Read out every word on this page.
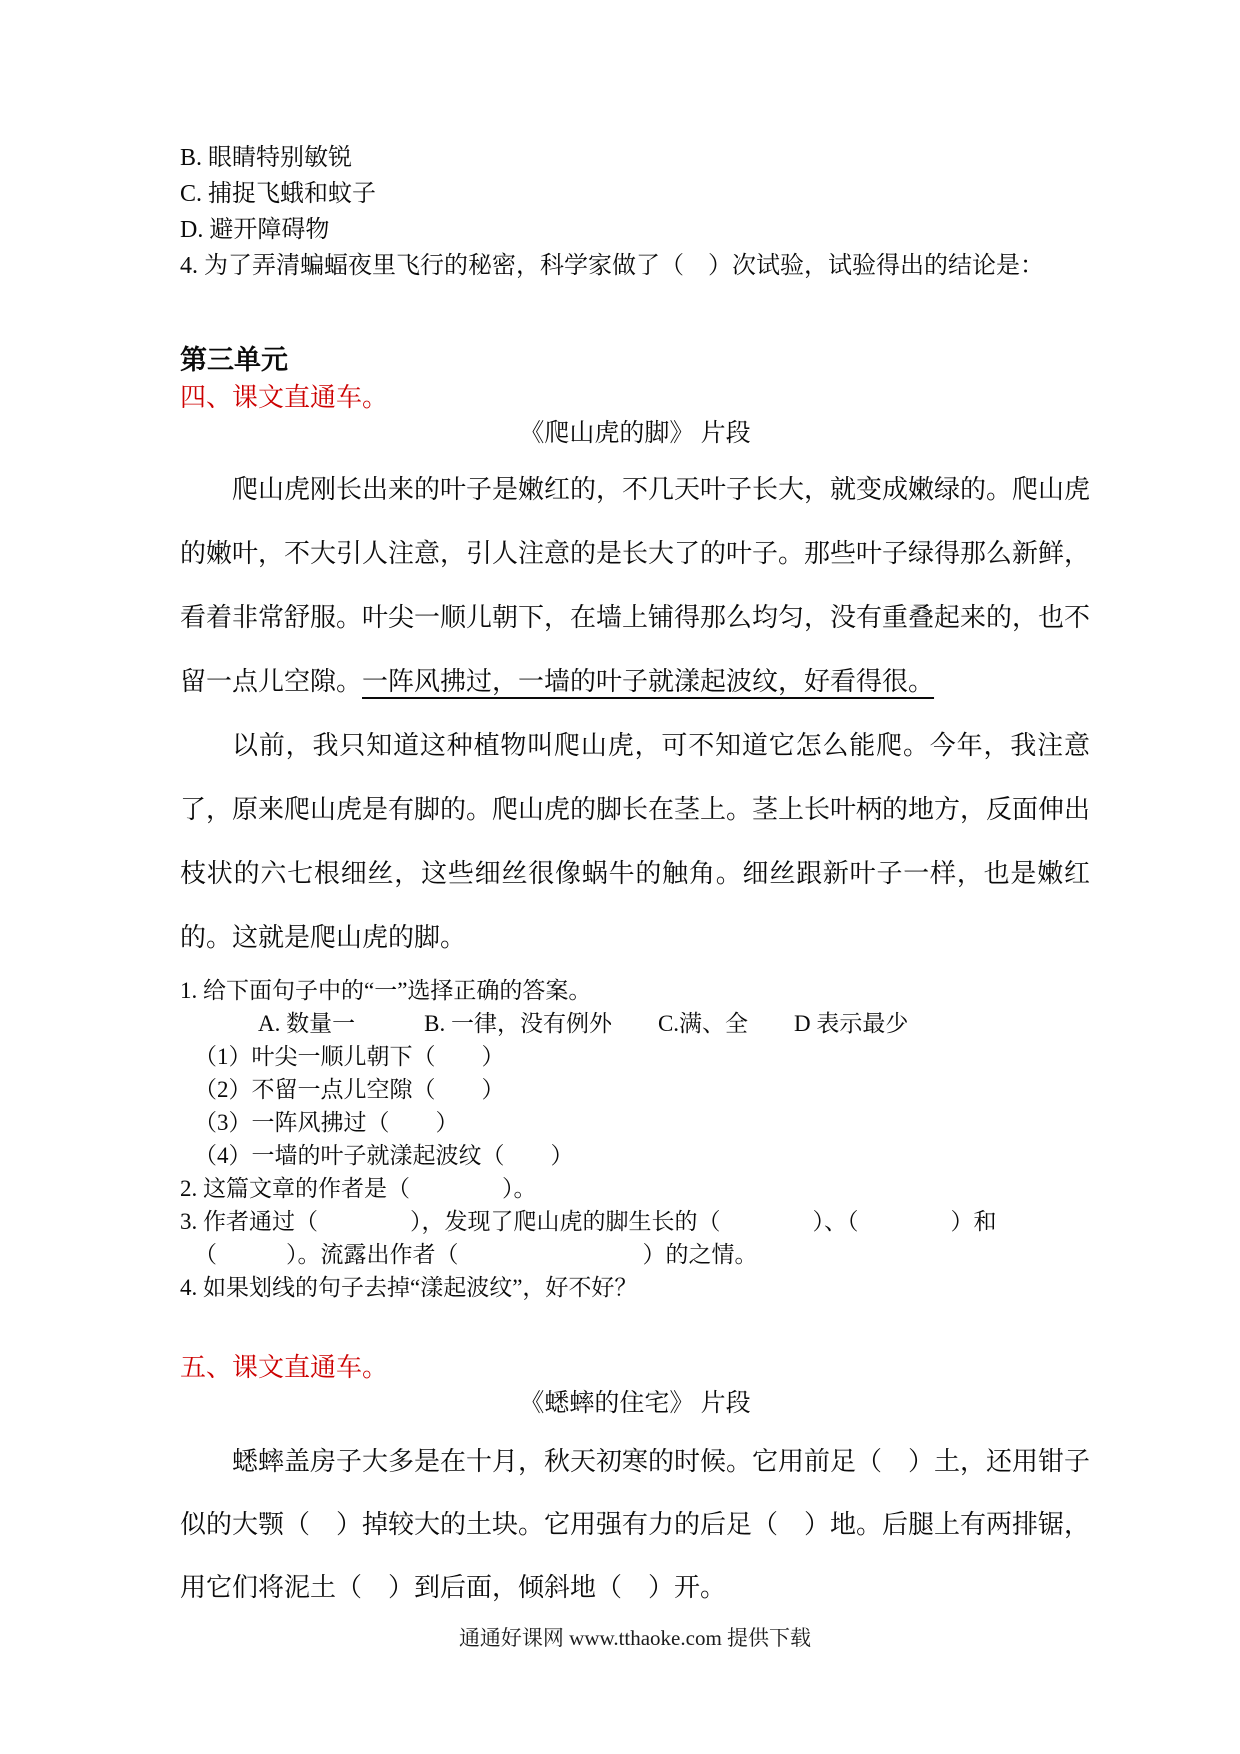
B. 眼睛特别敏锐
C. 捕捉飞蛾和蚊子
D. 避开障碍物
4. 为了弄清蝙蝠夜里飞行的秘密，科学家做了（　）次试验，试验得出的结论是：
第三单元
四、课文直通车。
《爬山虎的脚》 片段

爬山虎刚长出来的叶子是嫩红的，不几天叶子长大，就变成嫩绿的。爬山虎的嫩叶，不大引人注意，引人注意的是长大了的叶子。那些叶子绿得那么新鲜，看着非常舒服。叶尖一顺儿朝下，在墙上铺得那么均匀，没有重叠起来的，也不留一点儿空隙。一阵风拂过，一墙的叶子就漾起波纹，好看得很。

以前，我只知道这种植物叫爬山虎，可不知道它怎么能爬。今年，我注意了，原来爬山虎是有脚的。爬山虎的脚长在茎上。茎上长叶柄的地方，反面伸出枝状的六七根细丝，这些细丝很像蜗牛的触角。细丝跟新叶子一样，也是嫩红的。这就是爬山虎的脚。

1. 给下面句子中的“一”选择正确的答案。
A. 数量一　　　B. 一律，没有例外　　C.满、全　　D 表示最少
（1）叶尖一顺儿朝下（　　）
（2）不留一点儿空隙（　　）
（3）一阵风拂过（　　）
（4）一墙的叶子就漾起波纹（　　）
2. 这篇文章的作者是（　　　　）。
3. 作者通过（　　　　），发现了爬山虎的脚生长的（　　　　）、（　　　　）和
（　　　）。流露出作者（　　　　　　　　）的之情。
4. 如果划线的句子去掉“漾起波纹”，好不好？
五、课文直通车。
《蟋蟀的住宅》 片段

蟋蟀盖房子大多是在十月，秋天初寒的时候。它用前足（　）土，还用钳子似的大颚（　）掉较大的土块。它用强有力的后足（　）地。后腿上有两排锯，用它们将泥土（　）到后面，倾斜地（　）开。

通通好课网 www.tthaoke.com 提供下载
